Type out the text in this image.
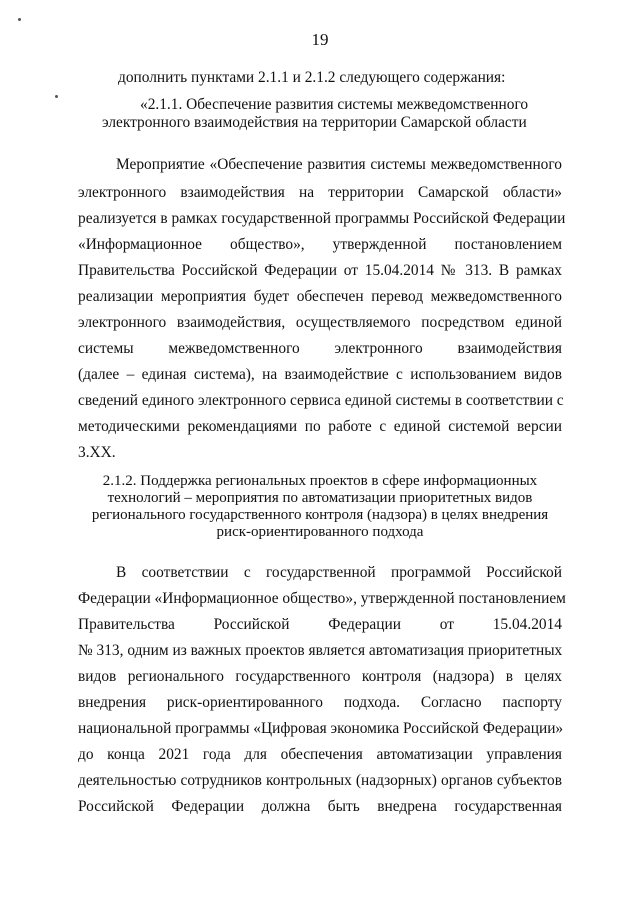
19
дополнить пунктами 2.1.1 и 2.1.2 следующего содержания:
«2.1.1. Обеспечение развития системы межведомственного
электронного взаимодействия на территории Самарской области
Мероприятие «Обеспечение развития системы межведомственного
электронного взаимодействия на территории Самарской области»
реализуется в рамках государственной программы Российской Федерации
«Информационное общество», утвержденной постановлением
Правительства Российской Федерации от 15.04.2014 № 313. В рамках
реализации мероприятия будет обеспечен перевод межведомственного
электронного взаимодействия, осуществляемого посредством единой
системы межведомственного электронного взаимодействия
(далее – единая система), на взаимодействие с использованием видов
сведений единого электронного сервиса единой системы в соответствии с
методическими рекомендациями по работе с единой системой версии
3.ХХ.
2.1.2. Поддержка региональных проектов в сфере информационных
технологий – мероприятия по автоматизации приоритетных видов
регионального государственного контроля (надзора) в целях внедрения
риск-ориентированного подхода
В соответствии с государственной программой Российской
Федерации «Информационное общество», утвержденной постановлением
Правительства Российской Федерации от 15.04.2014
№ 313, одним из важных проектов является автоматизация приоритетных
видов регионального государственного контроля (надзора) в целях
внедрения риск-ориентированного подхода. Согласно паспорту
национальной программы «Цифровая экономика Российской Федерации»
до конца 2021 года для обеспечения автоматизации управления
деятельностью сотрудников контрольных (надзорных) органов субъектов
Российской Федерации должна быть внедрена государственная
